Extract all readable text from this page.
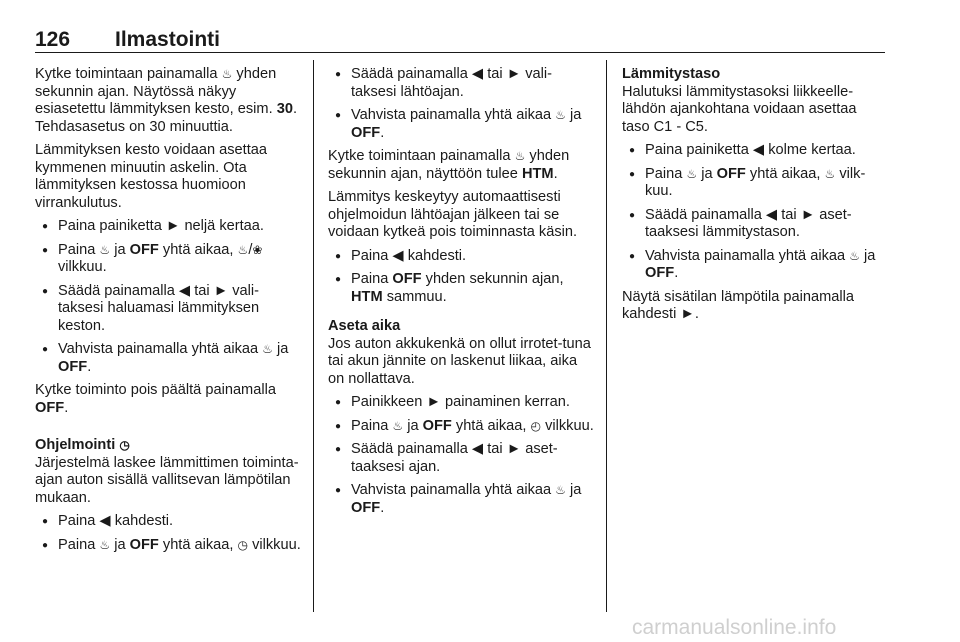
126 Ilmastointi

Kytke toimintaan painamalla ♨ yhden sekunnin ajan. Näytössä näkyy esiasetettu lämmityksen kesto, esim. 30. Tehdasasetus on 30 minuuttia.

Lämmityksen kesto voidaan asettaa kymmenen minuutin askelin. Ota lämmityksen kestossa huomioon virrankulutus.

● Paina painiketta ► neljä kertaa.
● Paina ♨ ja OFF yhtä aikaa, ♨/❀ vilkkuu.
● Säädä painamalla ◀ tai ► vali-taksesi haluamasi lämmityksen keston.
● Vahvista painamalla yhtä aikaa ♨ ja OFF.

Kytke toiminto pois päältä painamalla OFF.

Ohjelmointi ◷

Järjestelmä laskee lämmittimen toiminta-ajan auton sisällä vallitsevan lämpötilan mukaan.

● Paina ◀ kahdesti.
● Paina ♨ ja OFF yhtä aikaa, ◷ vilkkuu.
● Säädä painamalla ◀ tai ► vali-taksesi lähtöajan.
● Vahvista painamalla yhtä aikaa ♨ ja OFF.

Kytke toimintaan painamalla ♨ yhden sekunnin ajan, näyttöön tulee HTM.

Lämmitys keskeytyy automaattisesti ohjelmoidun lähtöajan jälkeen tai se voidaan kytkeä pois toiminnasta käsin.

● Paina ◀ kahdesti.
● Paina OFF yhden sekunnin ajan, HTM sammuu.

Aseta aika

Jos auton akkukenkä on ollut irrotet-tuna tai akun jännite on laskenut liikaa, aika on nollattava.

● Painikkeen ► painaminen kerran.
● Paina ♨ ja OFF yhtä aikaa, ◴ vilkkuu.
● Säädä painamalla ◀ tai ► aset-taaksesi ajan.
● Vahvista painamalla yhtä aikaa ♨ ja OFF.

Lämmitystaso

Halutuksi lämmitystasoksi liikkeelle-lähdön ajankohtana voidaan asettaa taso C1 - C5.

● Paina painiketta ◀ kolme kertaa.
● Paina ♨ ja OFF yhtä aikaa, ♨ vilk-kuu.
● Säädä painamalla ◀ tai ► aset-taaksesi lämmitystason.
● Vahvista painamalla yhtä aikaa ♨ ja OFF.

Näytä sisätilan lämpötila painamalla kahdesti ►.

carmanualsonline.info
